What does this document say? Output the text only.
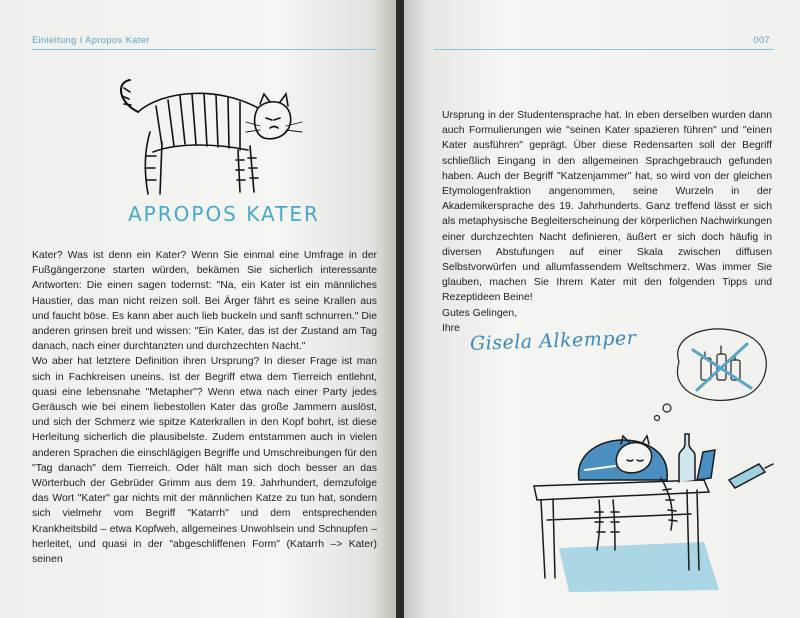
Einleitung I Apropos Kater
APROPOS KATER

Kater? Was ist denn ein Kater? Wenn Sie einmal eine Umfrage in der Fußgängerzone starten würden, bekämen Sie sicherlich interessante Antworten: Die einen sagen todernst: "Na, ein Kater ist ein männliches Haustier, das man nicht reizen soll. Bei Ärger fährt es seine Krallen aus und faucht böse. Es kann aber auch lieb buckeln und sanft schnurren." Die anderen grinsen breit und wissen: "Ein Kater, das ist der Zustand am Tag danach, nach einer durchtanzten und durchzechten Nacht."

Wo aber hat letztere Definition ihren Ursprung? In dieser Frage ist man sich in Fachkreisen uneins. Ist der Begriff etwa dem Tierreich entlehnt, quasi eine lebensnahe "Metapher"? Wenn etwa nach einer Party jedes Geräusch wie bei einem liebestollen Kater das große Jammern auslöst, und sich der Schmerz wie spitze Katerkrallen in den Kopf bohrt, ist diese Herleitung sicherlich die plausibelste. Zudem entstammen auch in vielen anderen Sprachen die einschlägigen Begriffe und Umschreibungen für den "Tag danach" dem Tierreich. Oder hält man sich doch besser an das Wörterbuch der Gebrüder Grimm aus dem 19. Jahrhundert, demzufolge das Wort "Kater" gar nichts mit der männlichen Katze zu tun hat, sondern sich vielmehr vom Begriff "Katarrh" und dem entsprechenden Krankheitsbild – etwa Kopfweh, allgemeines Unwohlsein und Schnupfen – herleitet, und quasi in der "abgeschliffenen Form" (Katarrh –> Kater) seinen

007

Ursprung in der Studentensprache hat. In eben derselben wurden dann auch Formulierungen wie "seinen Kater spazieren führen" und "einen Kater ausführen" geprägt. Über diese Redensarten soll der Begriff schließlich Eingang in den allgemeinen Sprachgebrauch gefunden haben. Auch der Begriff "Katzenjammer" hat, so wird von der gleichen Etymologenfraktion angenommen, seine Wurzeln in der Akademikersprache des 19. Jahrhunderts. Ganz treffend lässt er sich als metaphysische Begleiterscheinung der körperlichen Nachwirkungen einer durchzechten Nacht definieren, äußert er sich doch häufig in diversen Abstufungen auf einer Skala zwischen diffusen Selbstvorwürfen und allumfassendem Weltschmerz. Was immer Sie glauben, machen Sie Ihrem Kater mit den folgenden Tipps und Rezeptideen Beine!

Gutes Gelingen,
Ihre Gisela Alkemper
